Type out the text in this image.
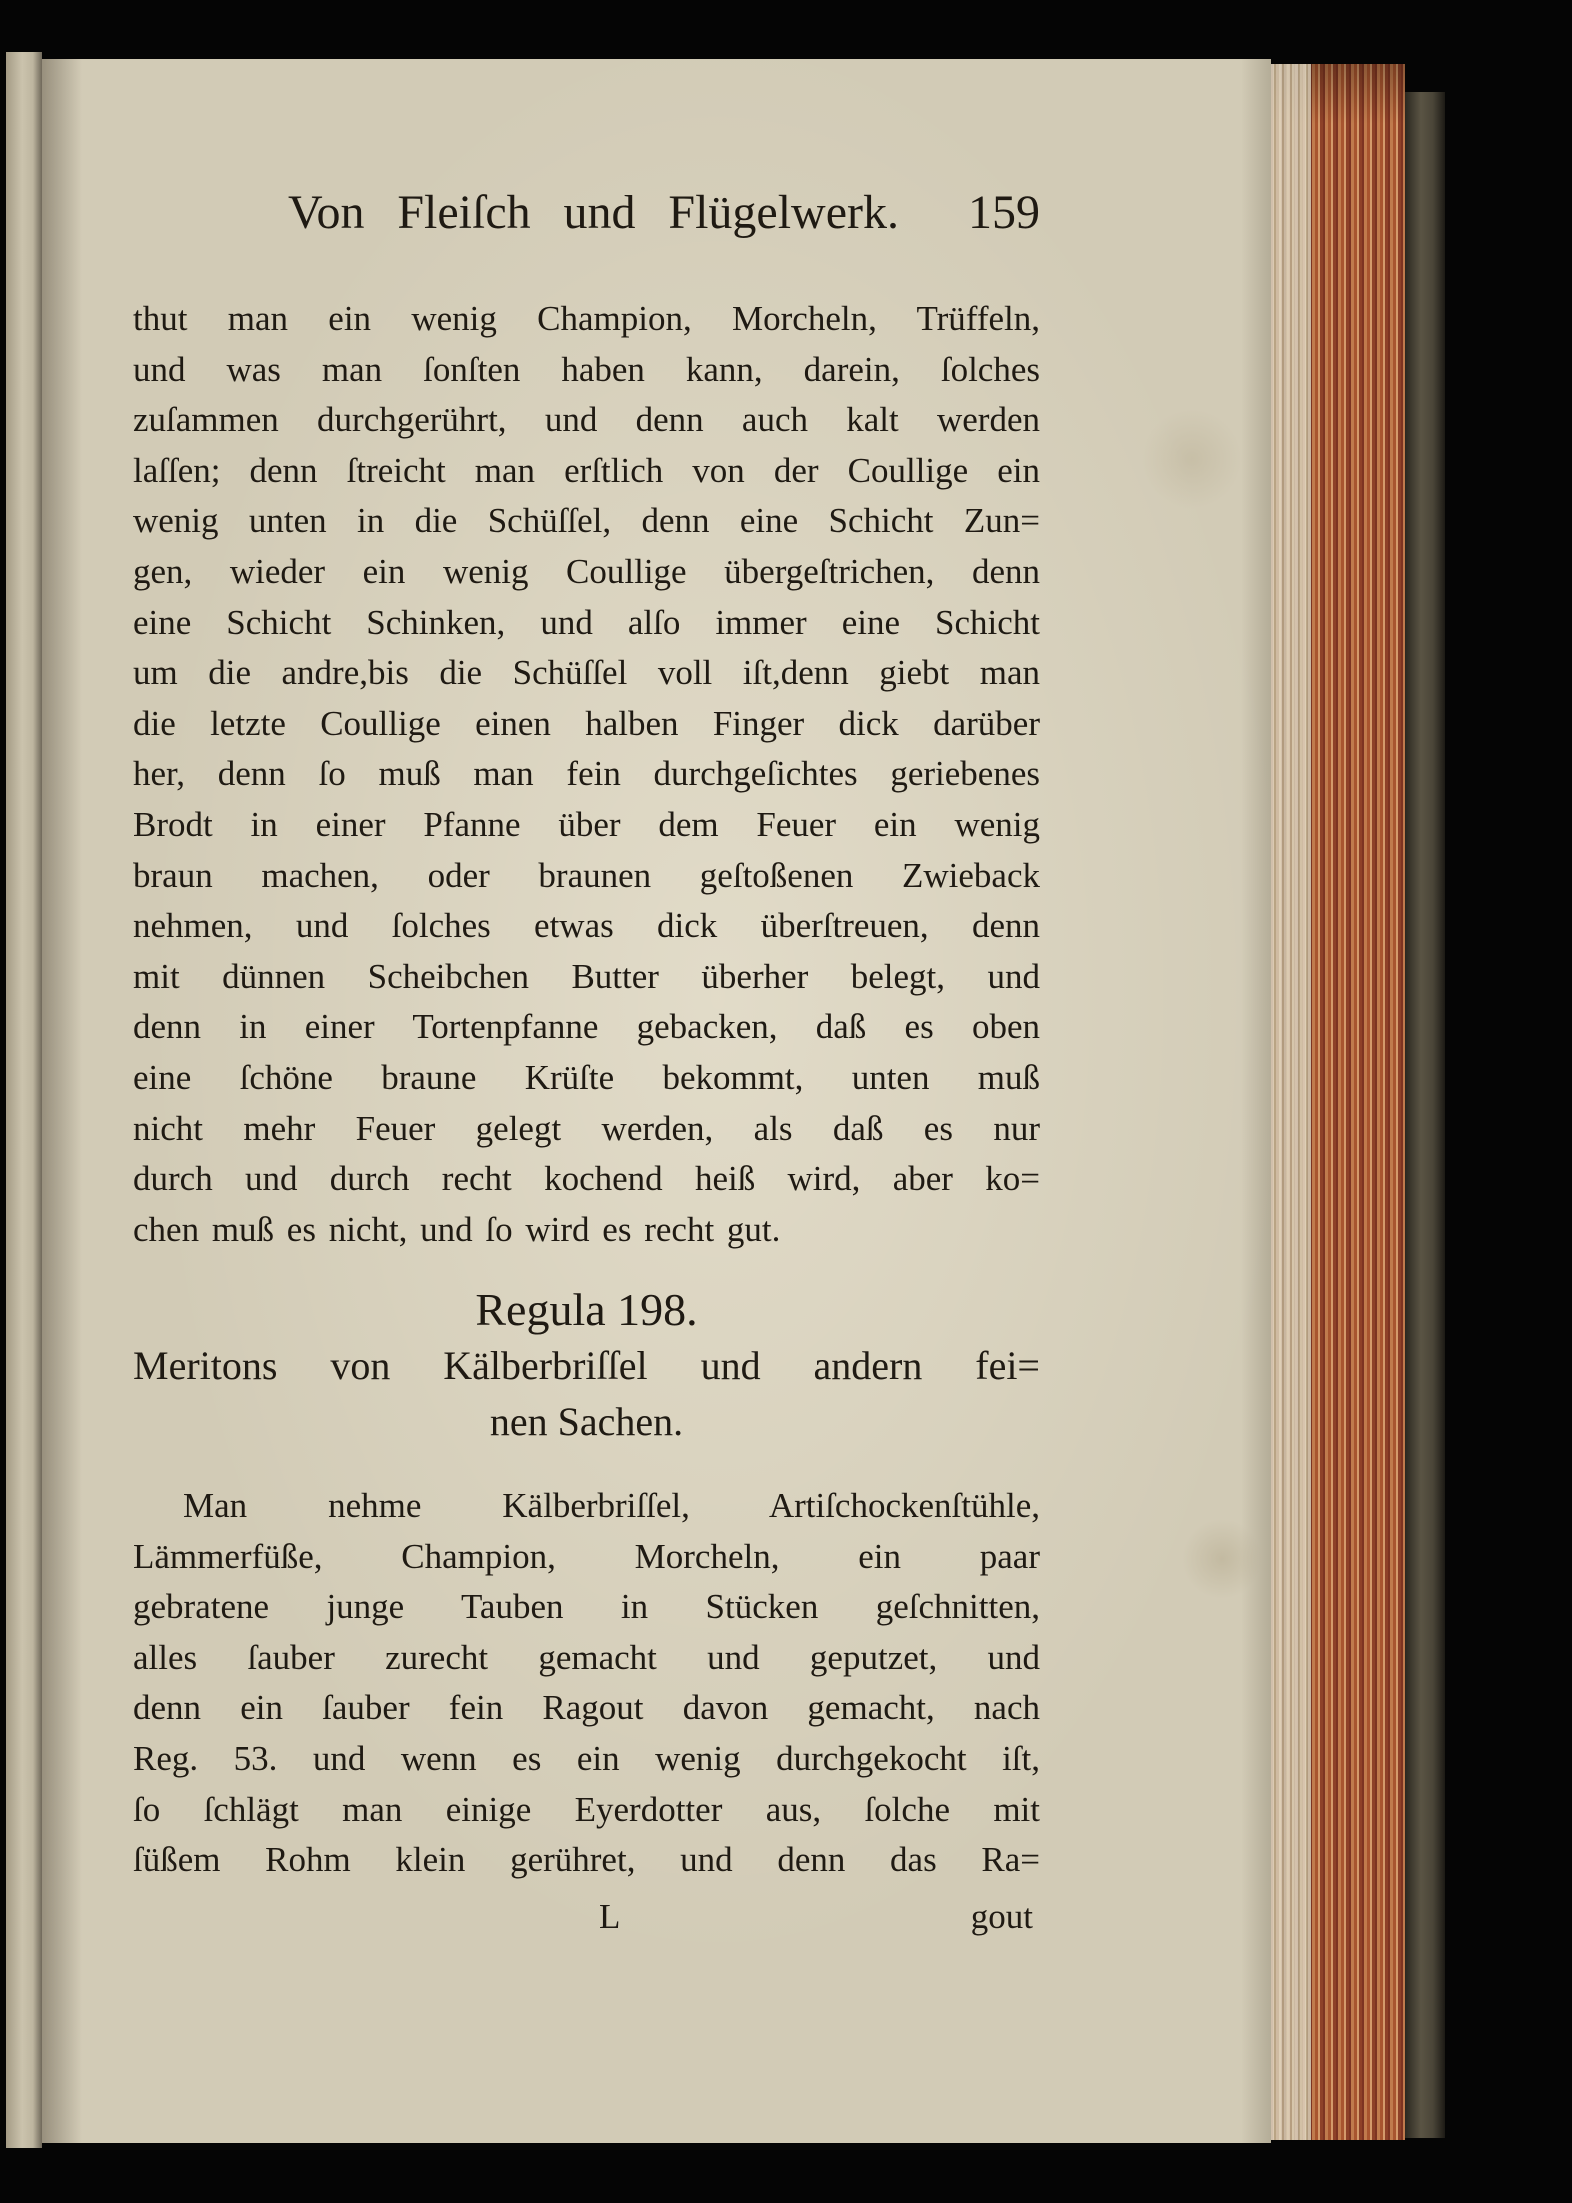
Von Fleiſch und Flügelwerk. 159
thut man ein wenig Champion, Morcheln, Trüffeln,
und was man ſonſten haben kann, darein, ſolches
zuſammen durchgerührt, und denn auch kalt werden
laſſen; denn ſtreicht man erſtlich von der Coullige ein
wenig unten in die Schüſſel, denn eine Schicht Zun=
gen, wieder ein wenig Coullige übergeſtrichen, denn
eine Schicht Schinken, und alſo immer eine Schicht
um die andre,bis die Schüſſel voll iſt,denn giebt man
die letzte Coullige einen halben Finger dick darüber
her, denn ſo muß man fein durchgeſichtes geriebenes
Brodt in einer Pfanne über dem Feuer ein wenig
braun machen, oder braunen geſtoßenen Zwieback
nehmen, und ſolches etwas dick überſtreuen, denn
mit dünnen Scheibchen Butter überher belegt, und
denn in einer Tortenpfanne gebacken, daß es oben
eine ſchöne braune Krüſte bekommt, unten muß
nicht mehr Feuer gelegt werden, als daß es nur
durch und durch recht kochend heiß wird, aber ko=
chen muß es nicht, und ſo wird es recht gut.
Regula 198.
Meritons von Kälberbriſſel und andern fei=
nen Sachen.
Man nehme Kälberbriſſel, Artiſchockenſtühle,
Lämmerfüße, Champion, Morcheln, ein paar
gebratene junge Tauben in Stücken geſchnitten,
alles ſauber zurecht gemacht und geputzet, und
denn ein ſauber fein Ragout davon gemacht, nach
Reg. 53. und wenn es ein wenig durchgekocht iſt,
ſo ſchlägt man einige Eyerdotter aus, ſolche mit
ſüßem Rohm klein gerühret, und denn das Ra=
L	gout
